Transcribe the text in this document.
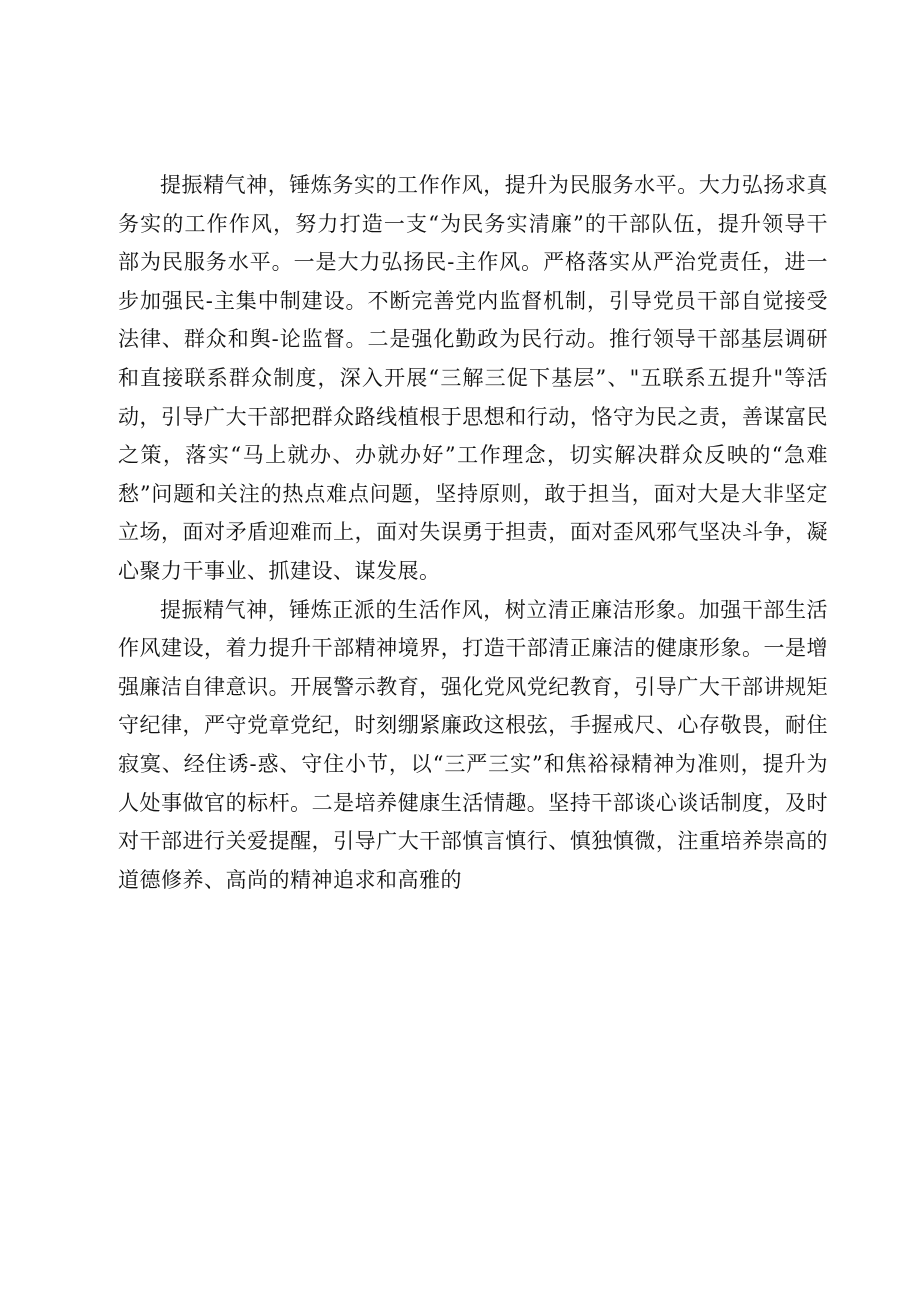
提振精气神，锤炼务实的工作作风，提升为民服务水平。大力弘扬求真务实的工作作风，努力打造一支“为民务实清廉”的干部队伍，提升领导干部为民服务水平。一是大力弘扬民-主作风。严格落实从严治党责任，进一步加强民-主集中制建设。不断完善党内监督机制，引导党员干部自觉接受法律、群众和舆-论监督。二是强化勤政为民行动。推行领导干部基层调研和直接联系群众制度，深入开展“三解三促下基层”、"五联系五提升"等活动，引导广大干部把群众路线植根于思想和行动，恪守为民之责，善谋富民之策，落实“马上就办、办就办好”工作理念，切实解决群众反映的“急难愁”问题和关注的热点难点问题，坚持原则，敢于担当，面对大是大非坚定立场，面对矛盾迎难而上，面对失误勇于担责，面对歪风邪气坚决斗争，凝心聚力干事业、抓建设、谋发展。

提振精气神，锤炼正派的生活作风，树立清正廉洁形象。加强干部生活作风建设，着力提升干部精神境界，打造干部清正廉洁的健康形象。一是增强廉洁自律意识。开展警示教育，强化党风党纪教育，引导广大干部讲规矩守纪律，严守党章党纪，时刻绷紧廉政这根弦，手握戒尺、心存敬畏，耐住寂寞、经住诱-惑、守住小节，以“三严三实”和焦裕禄精神为准则，提升为人处事做官的标杆。二是培养健康生活情趣。坚持干部谈心谈话制度，及时对干部进行关爱提醒，引导广大干部慎言慎行、慎独慎微，注重培养崇高的道德修养、高尚的精神追求和高雅的
